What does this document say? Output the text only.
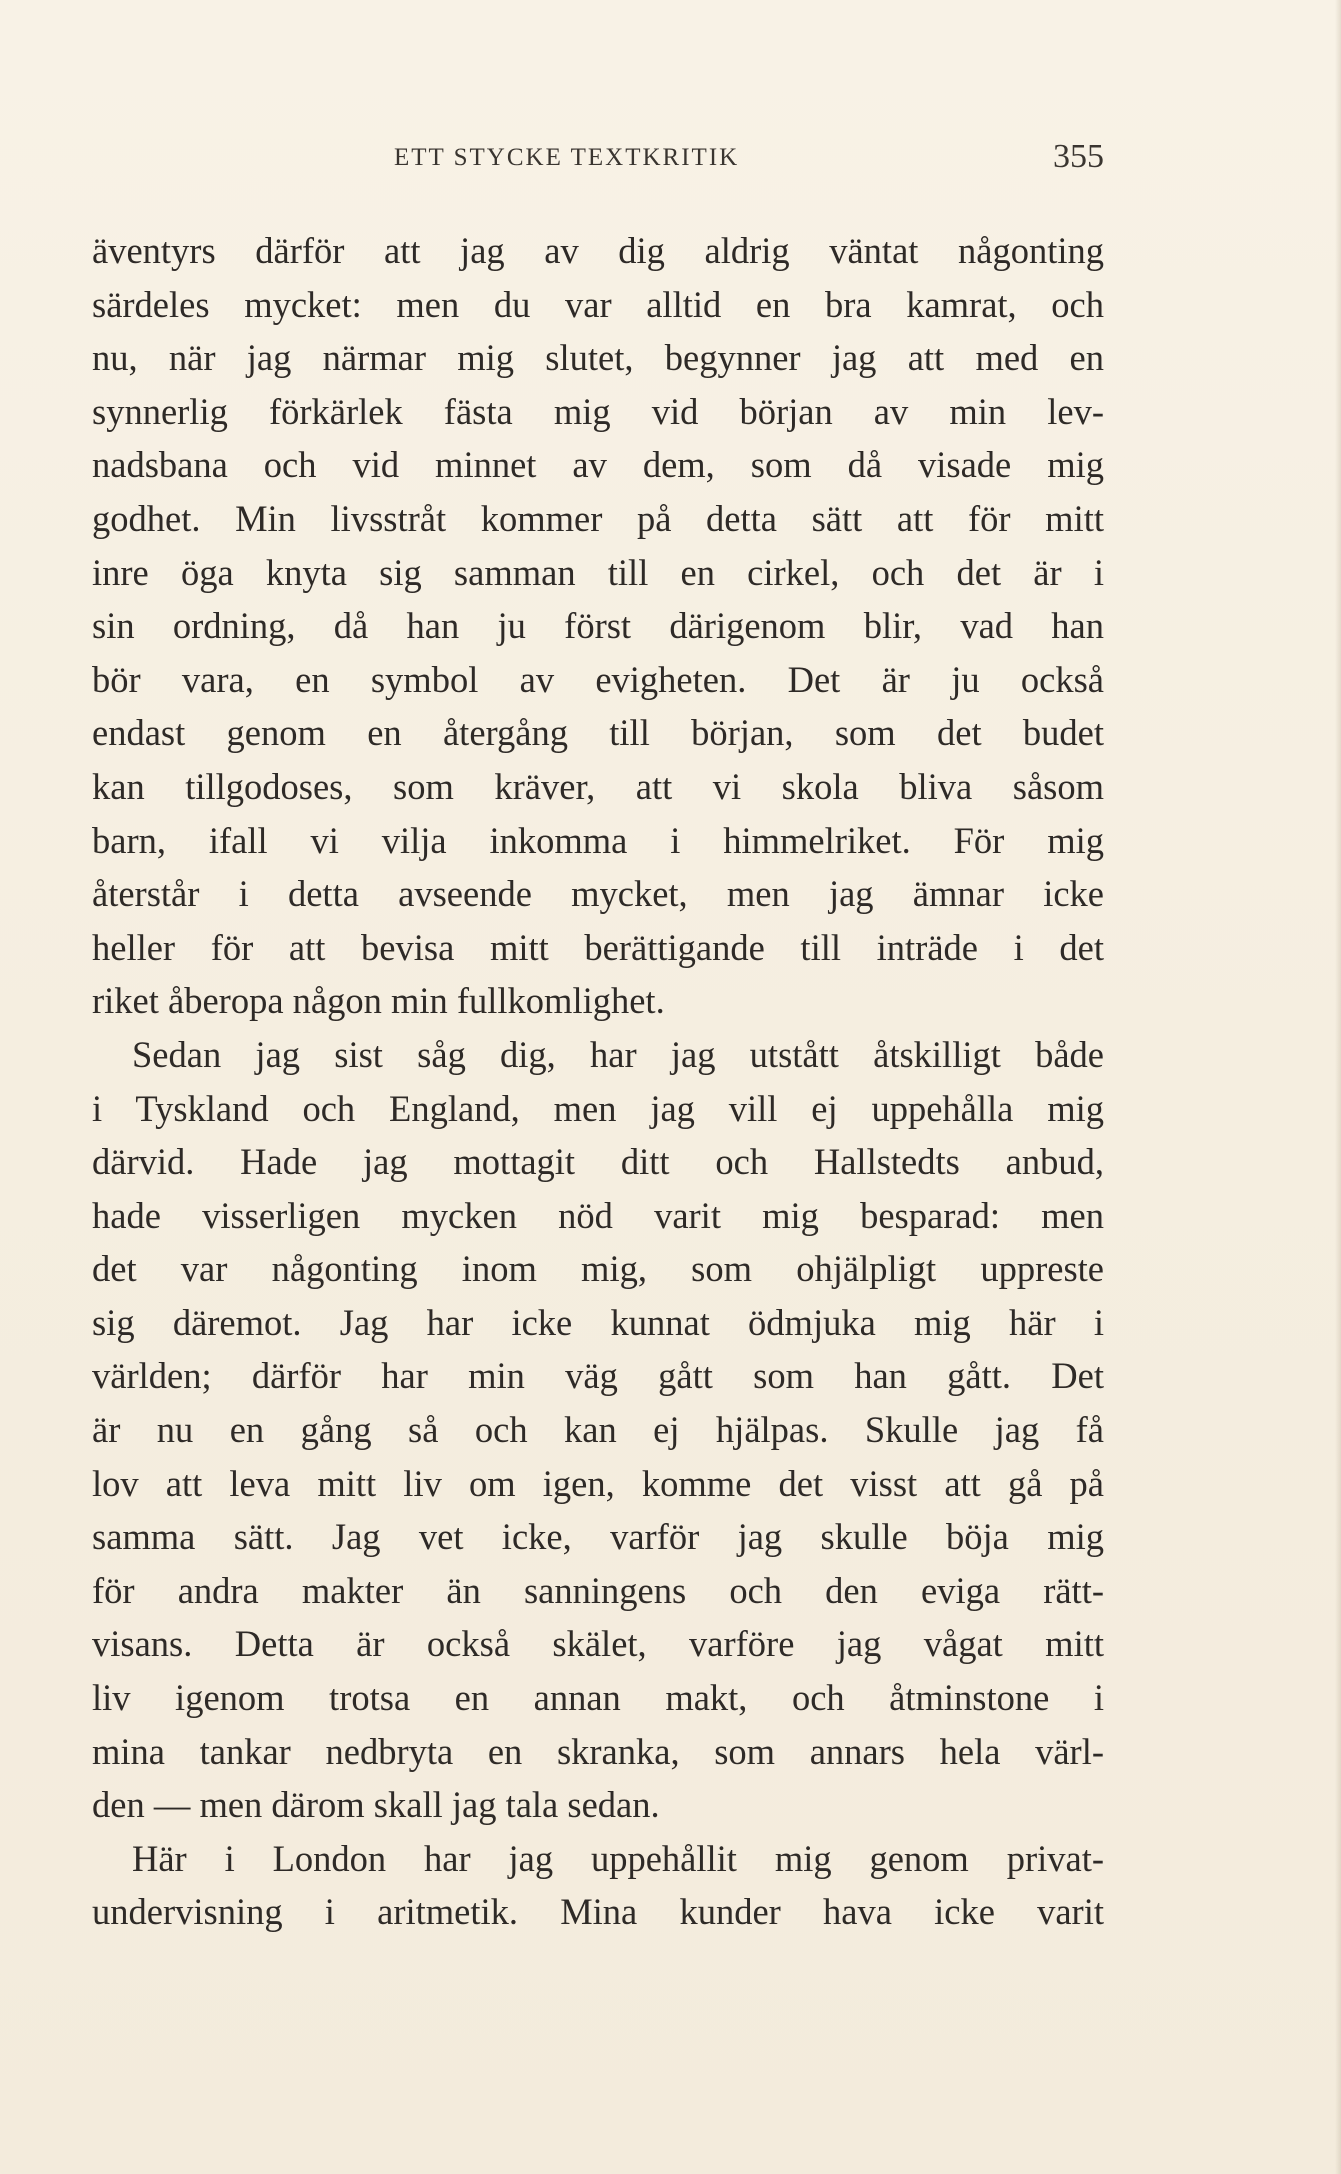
ETT STYCKE TEXTKRITIK	355
äventyrs därför att jag av dig aldrig väntat någonting
särdeles mycket: men du var alltid en bra kamrat, och
nu, när jag närmar mig slutet, begynner jag att med en
synnerlig förkärlek fästa mig vid början av min lev-
nadsbana och vid minnet av dem, som då visade mig
godhet. Min livsstråt kommer på detta sätt att för mitt
inre öga knyta sig samman till en cirkel, och det är i
sin ordning, då han ju först därigenom blir, vad han
bör vara, en symbol av evigheten. Det är ju också
endast genom en återgång till början, som det budet
kan tillgodoses, som kräver, att vi skola bliva såsom
barn, ifall vi vilja inkomma i himmelriket. För mig
återstår i detta avseende mycket, men jag ämnar icke
heller för att bevisa mitt berättigande till inträde i det
riket åberopa någon min fullkomlighet.
Sedan jag sist såg dig, har jag utstått åtskilligt både
i Tyskland och England, men jag vill ej uppehålla mig
därvid. Hade jag mottagit ditt och Hallstedts anbud,
hade visserligen mycken nöd varit mig besparad: men
det var någonting inom mig, som ohjälpligt uppreste
sig däremot. Jag har icke kunnat ödmjuka mig här i
världen; därför har min väg gått som han gått. Det
är nu en gång så och kan ej hjälpas. Skulle jag få
lov att leva mitt liv om igen, komme det visst att gå på
samma sätt. Jag vet icke, varför jag skulle böja mig
för andra makter än sanningens och den eviga rätt-
visans. Detta är också skälet, varföre jag vågat mitt
liv igenom trotsa en annan makt, och åtminstone i
mina tankar nedbryta en skranka, som annars hela värl-
den — men därom skall jag tala sedan.
Här i London har jag uppehållit mig genom privat-
undervisning i aritmetik. Mina kunder hava icke varit
